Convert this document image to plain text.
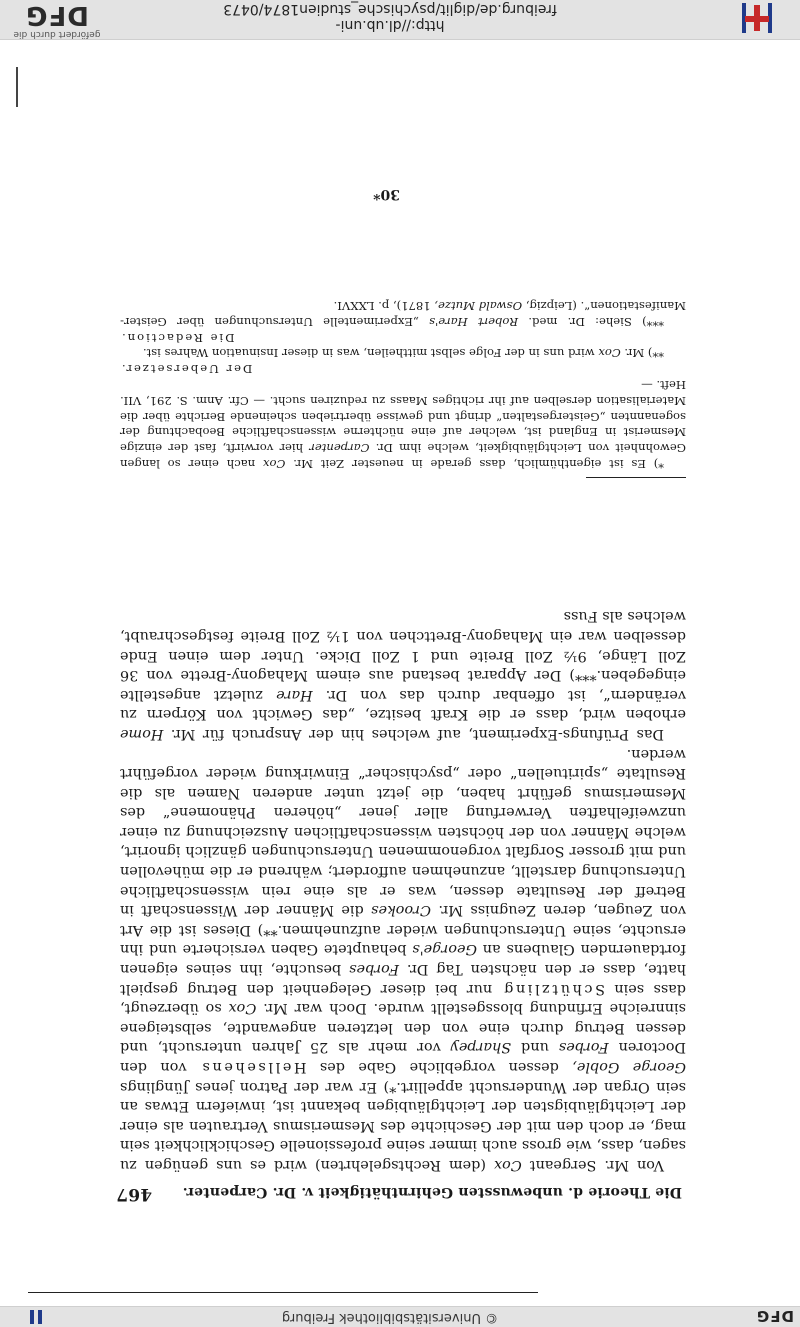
DFG
© Universitätsbibliothek Freiburg
http://dl.ub.uni-freiburg.de/diglit/psychische_studien1874/0473
gefördert durch die
DFG
Die Theorie d. unbewussten Gehirnthätigkeit v. Dr. Carpenter.
467

Von Mr. Sergeant Cox (dem Rechtsgelehrten) wird es uns genügen zu sagen, dass, wie gross auch immer seine professionelle Geschicklichkeit sein mag, er doch den mit der Geschichte des Mesmerismus Vertrauten als einer der Leichtgläubigsten der Leichtgläubigen bekannt ist, inwiefern Etwas an sein Organ der Wundersucht appellirt.*) Er war der Patron jenes Jünglings George Goble, dessen vorgebliche Gabe des Hellsehens von den Doctoren Forbes und Sharpey vor mehr als 25 Jahren untersucht, und dessen Betrug durch eine von den letzteren angewandte, selbsteigene sinnreiche Erfindung blossgestellt wurde. Doch war Mr. Cox so überzeugt, dass sein Schützling nur bei dieser Gelegenheit den Betrug gespielt hatte, dass er den nächsten Tag Dr. Forbes besuchte, ihn seines eigenen fortdauernden Glaubens an George's behauptete Gaben versicherte und ihn ersuchte, seine Untersuchungen wieder aufzunehmen.**) Dieses ist die Art von Zeugen, deren Zeugniss Mr. Crookes die Männer der Wissenschaft in Betreff der Resultate dessen, was er als eine rein wissenschaftliche Untersuchung darstellt, anzunehmen auffordert; während er die mühevollen und mit grosser Sorgfalt vorgenommenen Untersuchungen gänzlich ignorirt, welche Männer von der höchsten wissenschaftlichen Auszeichnung zu einer unzweifelhaften Verwerfung aller jener „höheren Phänomene“ des Mesmerismus geführt haben, die jetzt unter anderen Namen als die Resultate „spirituellen“ oder „psychischer“ Einwirkung wieder vorgeführt werden.

Das Prüfungs-Experiment, auf welches hin der Anspruch für Mr. Home erhoben wird, dass er die Kraft besitze, „das Gewicht von Körpern zu verändern“, ist offenbar durch das von Dr. Hare zuletzt angestellte eingegeben.***) Der Apparat bestand aus einem Mahagony-Brette von 36 Zoll Länge, 9½ Zoll Breite und 1 Zoll Dicke. Unter dem einen Ende desselben war ein Mahagony-Brettchen von 1½ Zoll Breite festgeschraubt, welches als Fuss

*) Es ist eigenthümlich, dass gerade in neuester Zeit Mr. Cox nach einer so langen Gewohnheit von Leichtgläubigkeit, welche ihm Dr. Carpenter hier vorwirft, fast der einzige Mesmerist in England ist, welcher auf eine nüchterne wissenschaftliche Beobachtung der sogenannten „Geistergestalten“ dringt und gewisse übertrieben scheinende Berichte über die Materialisation derselben auf ihr richtiges Maass zu reduziren sucht. — Cfr. Anm. S. 291, VII. Heft. —

Der Uebersetzer.

**) Mr. Cox wird uns in der Folge selbst mittheilen, was in dieser Insinuation Wahres ist.

Die Redaction.

***) Siehe: Dr. med. Robert Hare's „Experimentelle Untersuchungen über Geister-Manifestationen“. (Leipzig, Oswald Mutze, 1871), p. LXXVI.

30*
